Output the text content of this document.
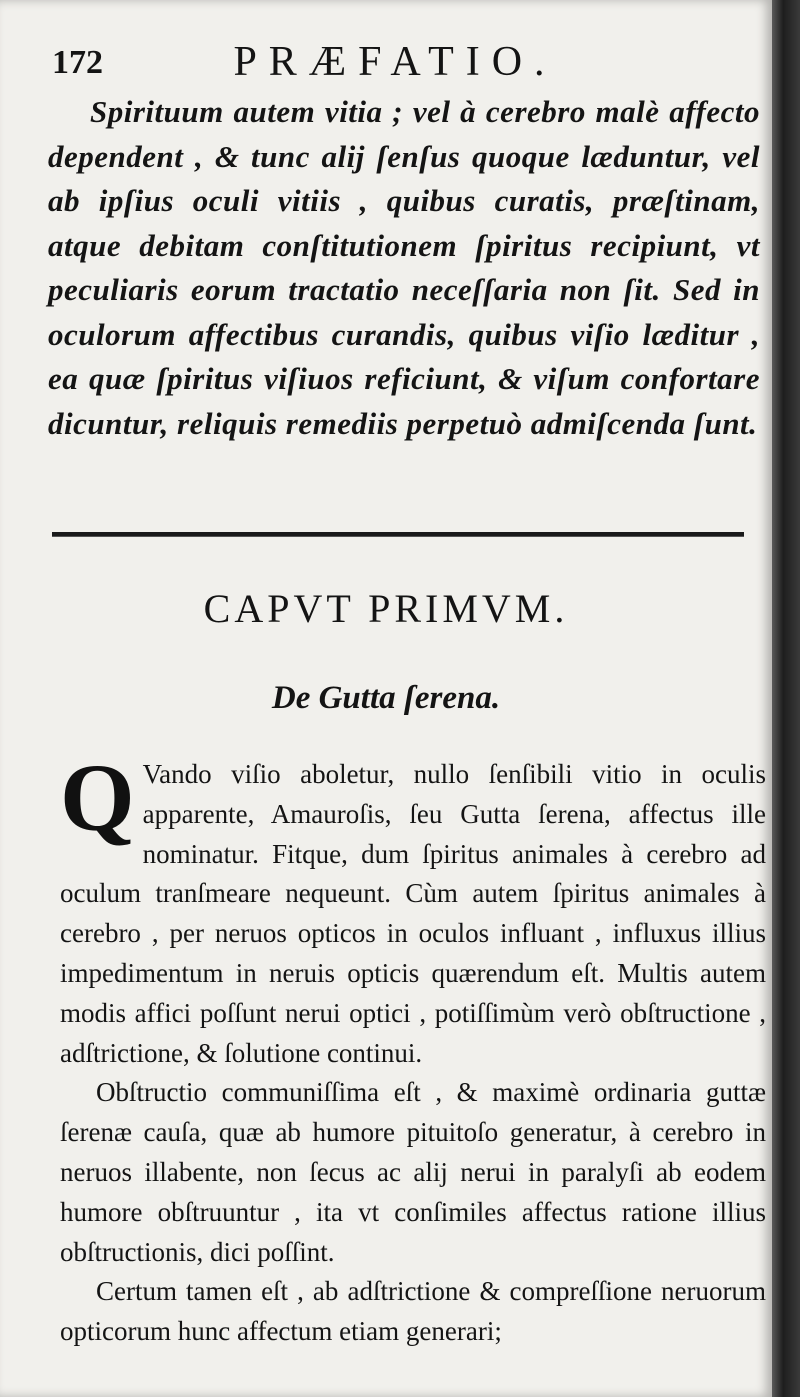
172	PRÆFATIO.

Spirituum autem vitia ; vel à cerebro malè affecto dependent , & tunc alij ſenſus quoque læduntur, vel ab ipſius oculi vitiis , quibus curatis, præſtinam, atque debitam conſtitutionem ſpiritus recipiunt, vt peculiaris eorum tractatio neceſſaria non ſit. Sed in oculorum affectibus curandis, quibus viſio læditur , ea quæ ſpiritus viſiuos reficiunt, & viſum confortare dicuntur, reliquis remediis perpetuò admiſcenda ſunt.

CAPVT PRIMVM.
De Gutta ſerena.

Q Vando viſio aboletur, nullo ſenſibili vitio in oculis apparente, Amauroſis, ſeu Gutta ſerena, affectus ille nominatur. Fitque, dum ſpiritus animales à cerebro ad oculum tranſmeare nequeunt. Cùm autem ſpiritus animales à cerebro , per neruos opticos in oculos influant , influxus illius impedimentum in neruis opticis quærendum eſt. Multis autem modis affici poſſunt nerui optici , potiſſimùm verò obſtructione , adſtrictione, & ſolutione continui.

Obſtructio communiſſima eſt , & maximè ordinaria guttæ ſerenæ cauſa, quæ ab humore pituitoſo generatur, à cerebro in neruos illabente, non ſecus ac alij nerui in paralyſi ab eodem humore obſtruuntur , ita vt conſimiles affectus ratione illius obſtructionis, dici poſſint.

Certum tamen eſt , ab adſtrictione & compreſſione neruorum opticorum hunc affectum etiam generari;
